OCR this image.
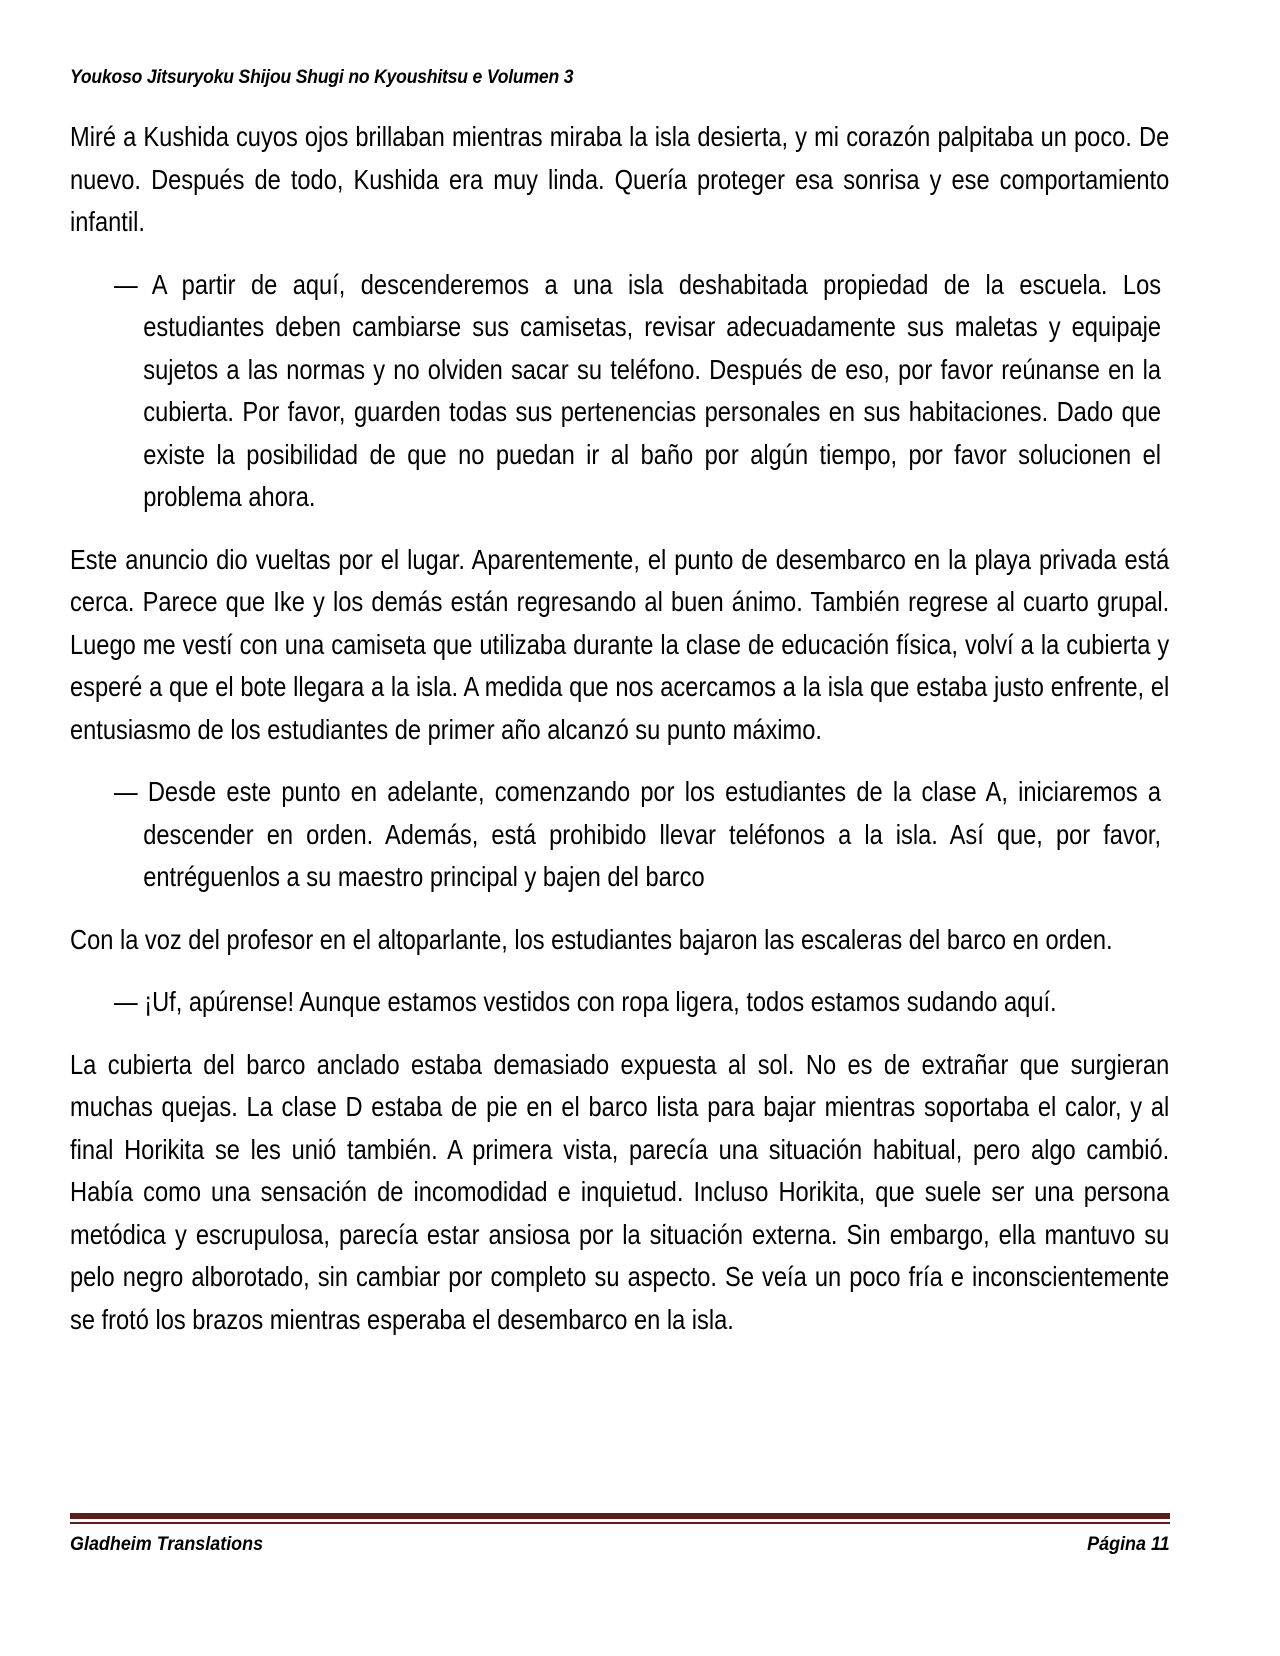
Youkoso Jitsuryoku Shijou Shugi no Kyoushitsu e Volumen 3

Miré a Kushida cuyos ojos brillaban mientras miraba la isla desierta, y mi corazón palpitaba un poco. De nuevo. Después de todo, Kushida era muy linda. Quería proteger esa sonrisa y ese comportamiento infantil.

— A partir de aquí, descenderemos a una isla deshabitada propiedad de la escuela. Los estudiantes deben cambiarse sus camisetas, revisar adecuadamente sus maletas y equipaje sujetos a las normas y no olviden sacar su teléfono. Después de eso, por favor reúnanse en la cubierta. Por favor, guarden todas sus pertenencias personales en sus habitaciones. Dado que existe la posibilidad de que no puedan ir al baño por algún tiempo, por favor solucionen el problema ahora.

Este anuncio dio vueltas por el lugar. Aparentemente, el punto de desembarco en la playa privada está cerca. Parece que Ike y los demás están regresando al buen ánimo. También regrese al cuarto grupal. Luego me vestí con una camiseta que utilizaba durante la clase de educación física, volví a la cubierta y esperé a que el bote llegara a la isla. A medida que nos acercamos a la isla que estaba justo enfrente, el entusiasmo de los estudiantes de primer año alcanzó su punto máximo.

— Desde este punto en adelante, comenzando por los estudiantes de la clase A, iniciaremos a descender en orden. Además, está prohibido llevar teléfonos a la isla. Así que, por favor, entréguenlos a su maestro principal y bajen del barco

Con la voz del profesor en el altoparlante, los estudiantes bajaron las escaleras del barco en orden.

— ¡Uf, apúrense! Aunque estamos vestidos con ropa ligera, todos estamos sudando aquí.

La cubierta del barco anclado estaba demasiado expuesta al sol. No es de extrañar que surgieran muchas quejas. La clase D estaba de pie en el barco lista para bajar mientras soportaba el calor, y al final Horikita se les unió también. A primera vista, parecía una situación habitual, pero algo cambió. Había como una sensación de incomodidad e inquietud. Incluso Horikita, que suele ser una persona metódica y escrupulosa, parecía estar ansiosa por la situación externa. Sin embargo, ella mantuvo su pelo negro alborotado, sin cambiar por completo su aspecto. Se veía un poco fría e inconscientemente se frotó los brazos mientras esperaba el desembarco en la isla.

Gladheim Translations	Página 11
